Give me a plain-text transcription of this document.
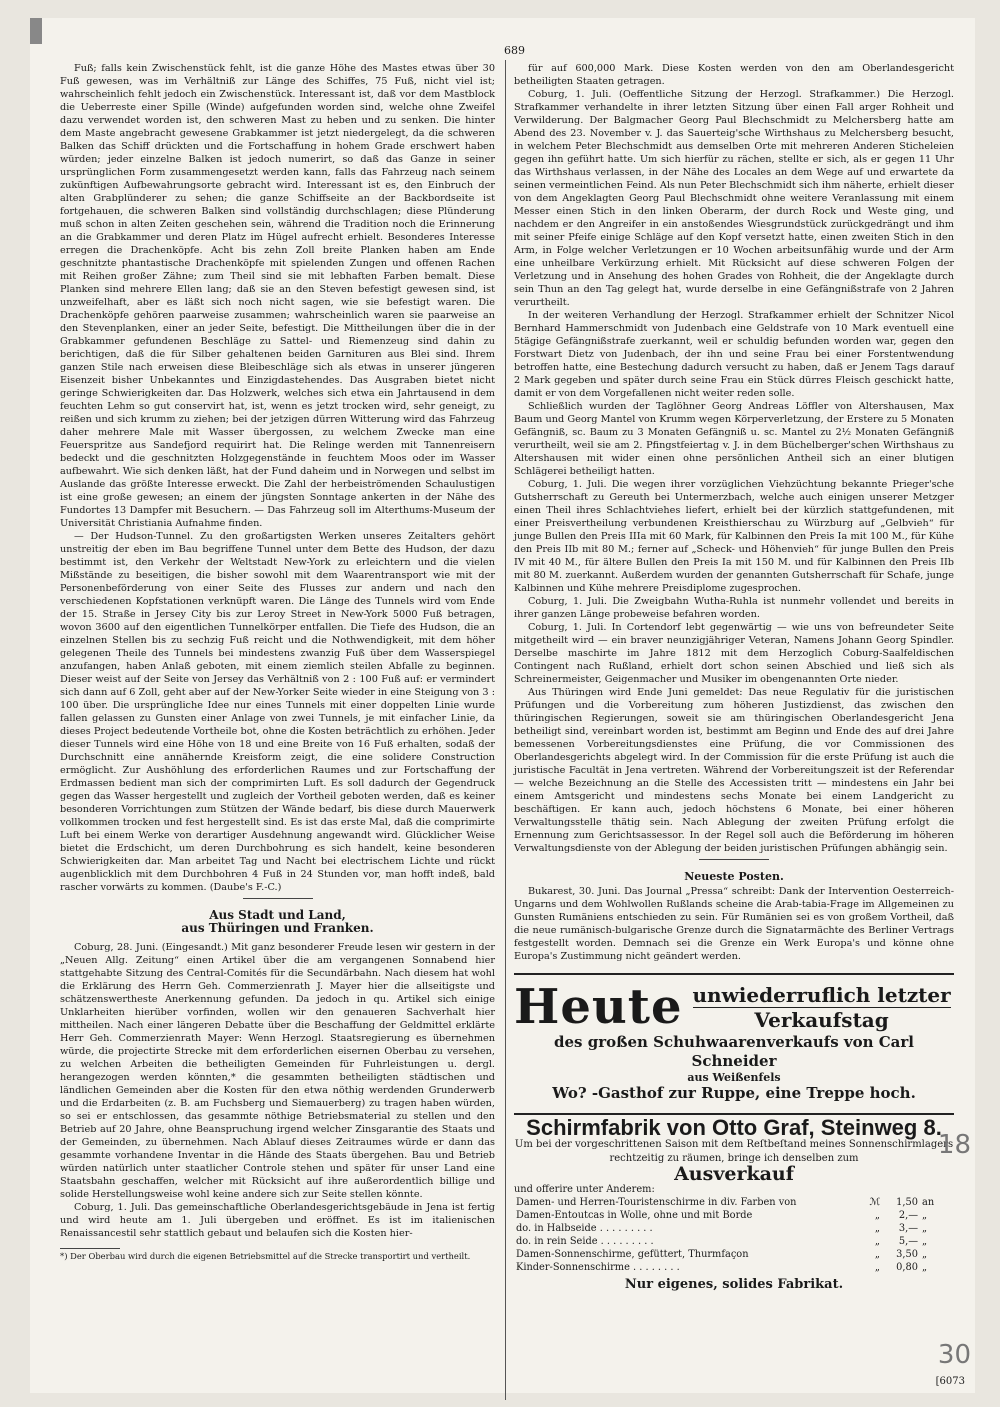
689

Fuß; falls kein Zwischenstück fehlt, ist die ganze Höhe des Mastes etwas über 30 Fuß gewesen, was im Verhältniß zur Länge des Schiffes, 75 Fuß, nicht viel ist; wahrscheinlich fehlt jedoch ein Zwischenstück. Interessant ist, daß vor dem Mastblock die Ueberreste einer Spille (Winde) aufgefunden worden sind, welche ohne Zweifel dazu verwendet worden ist, den schweren Mast zu heben und zu senken. Die hinter dem Maste angebracht gewesene Grabkammer ist jetzt niedergelegt, da die schweren Balken das Schiff drückten und die Fortschaffung in hohem Grade erschwert haben würden; jeder einzelne Balken ist jedoch numerirt, so daß das Ganze in seiner ursprünglichen Form zusammengesetzt werden kann, falls das Fahrzeug nach seinem zukünftigen Aufbewahrungsorte gebracht wird. Interessant ist es, den Einbruch der alten Grabplünderer zu sehen; die ganze Schiffseite an der Backbordseite ist fortgehauen, die schweren Balken sind vollständig durchschlagen; diese Plünderung muß schon in alten Zeiten geschehen sein, während die Tradition noch die Erinnerung an die Grabkammer und deren Platz im Hügel aufrecht erhielt. Besonderes Interesse erregen die Drachenköpfe. Acht bis zehn Zoll breite Planken haben am Ende geschnitzte phantastische Drachenköpfe mit spielenden Zungen und offenen Rachen mit Reihen großer Zähne; zum Theil sind sie mit lebhaften Farben bemalt. Diese Planken sind mehrere Ellen lang; daß sie an den Steven befestigt gewesen sind, ist unzweifelhaft, aber es läßt sich noch nicht sagen, wie sie befestigt waren. Die Drachenköpfe gehören paarweise zusammen; wahrscheinlich waren sie paarweise an den Stevenplanken, einer an jeder Seite, befestigt. Die Mittheilungen über die in der Grabkammer gefundenen Beschläge zu Sattel- und Riemenzeug sind dahin zu berichtigen, daß die für Silber gehaltenen beiden Garnituren aus Blei sind. Ihrem ganzen Stile nach erweisen diese Bleibeschläge sich als etwas in unserer jüngeren Eisenzeit bisher Unbekanntes und Einzigdastehendes. Das Ausgraben bietet nicht geringe Schwierigkeiten dar. Das Holzwerk, welches sich etwa ein Jahrtausend in dem feuchten Lehm so gut conservirt hat, ist, wenn es jetzt trocken wird, sehr geneigt, zu reißen und sich krumm zu ziehen; bei der jetzigen dürren Witterung wird das Fahrzeug daher mehrere Male mit Wasser übergossen, zu welchem Zwecke man eine Feuerspritze aus Sandefjord requirirt hat. Die Relinge werden mit Tannenreisern bedeckt und die geschnitzten Holzgegenstände in feuchtem Moos oder im Wasser aufbewahrt. Wie sich denken läßt, hat der Fund daheim und in Norwegen und selbst im Auslande das größte Interesse erweckt. Die Zahl der herbeiströmenden Schaulustigen ist eine große gewesen; an einem der jüngsten Sonntage ankerten in der Nähe des Fundortes 13 Dampfer mit Besuchern. — Das Fahrzeug soll im Alterthums-Museum der Universität Christiania Aufnahme finden.

— Der Hudson-Tunnel. Zu den großartigsten Werken unseres Zeitalters gehört unstreitig der eben im Bau begriffene Tunnel unter dem Bette des Hudson, der dazu bestimmt ist, den Verkehr der Weltstadt New-York zu erleichtern und die vielen Mißstände zu beseitigen, die bisher sowohl mit dem Waarentransport wie mit der Personenbeförderung von einer Seite des Flusses zur andern und nach den verschiedenen Kopfstationen verknüpft waren. Die Länge des Tunnels wird vom Ende der 15. Straße in Jersey City bis zur Leroy Street in New-York 5000 Fuß betragen, wovon 3600 auf den eigentlichen Tunnelkörper entfallen. Die Tiefe des Hudson, die an einzelnen Stellen bis zu sechzig Fuß reicht und die Nothwendigkeit, mit dem höher gelegenen Theile des Tunnels bei mindestens zwanzig Fuß über dem Wasserspiegel anzufangen, haben Anlaß geboten, mit einem ziemlich steilen Abfalle zu beginnen. Dieser weist auf der Seite von Jersey das Verhältniß von 2 : 100 Fuß auf: er vermindert sich dann auf 6 Zoll, geht aber auf der New-Yorker Seite wieder in eine Steigung von 3 : 100 über. Die ursprüngliche Idee nur eines Tunnels mit einer doppelten Linie wurde fallen gelassen zu Gunsten einer Anlage von zwei Tunnels, je mit einfacher Linie, da dieses Project bedeutende Vortheile bot, ohne die Kosten beträchtlich zu erhöhen. Jeder dieser Tunnels wird eine Höhe von 18 und eine Breite von 16 Fuß erhalten, sodaß der Durchschnitt eine annähernde Kreisform zeigt, die eine solidere Construction ermöglicht. Zur Aushöhlung des erforderlichen Raumes und zur Fortschaffung der Erdmassen bedient man sich der comprimirten Luft. Es soll dadurch der Gegendruck gegen das Wasser hergestellt und zugleich der Vortheil geboten werden, daß es keiner besonderen Vorrichtungen zum Stützen der Wände bedarf, bis diese durch Mauerwerk vollkommen trocken und fest hergestellt sind. Es ist das erste Mal, daß die comprimirte Luft bei einem Werke von derartiger Ausdehnung angewandt wird. Glücklicher Weise bietet die Erdschicht, um deren Durchbohrung es sich handelt, keine besonderen Schwierigkeiten dar. Man arbeitet Tag und Nacht bei electrischem Lichte und rückt augenblicklich mit dem Durchbohren 4 Fuß in 24 Stunden vor, man hofft indeß, bald rascher vorwärts zu kommen. (Daube's F.-C.)

Aus Stadt und Land,
aus Thüringen und Franken.

Coburg, 28. Juni. (Eingesandt.) Mit ganz besonderer Freude lesen wir gestern in der „Neuen Allg. Zeitung“ einen Artikel über die am vergangenen Sonnabend hier stattgehabte Sitzung des Central-Comités für die Secundärbahn. Nach diesem hat wohl die Erklärung des Herrn Geh. Commerzienrath J. Mayer hier die allseitigste und schätzenswertheste Anerkennung gefunden. Da jedoch in qu. Artikel sich einige Unklarheiten hierüber vorfinden, wollen wir den genaueren Sachverhalt hier mittheilen. Nach einer längeren Debatte über die Beschaffung der Geldmittel erklärte Herr Geh. Commerzienrath Mayer: Wenn Herzogl. Staatsregierung es übernehmen würde, die projectirte Strecke mit dem erforderlichen eisernen Oberbau zu versehen, zu welchen Arbeiten die betheiligten Gemeinden für Fuhrleistungen u. dergl. herangezogen werden könnten,* die gesammten betheiligten städtischen und ländlichen Gemeinden aber die Kosten für den etwa nöthig werdenden Grunderwerb und die Erdarbeiten (z. B. am Fuchsberg und Siemauerberg) zu tragen haben würden, so sei er entschlossen, das gesammte nöthige Betriebsmaterial zu stellen und den Betrieb auf 20 Jahre, ohne Beanspruchung irgend welcher Zinsgarantie des Staats und der Gemeinden, zu übernehmen. Nach Ablauf dieses Zeitraumes würde er dann das gesammte vorhandene Inventar in die Hände des Staats übergehen. Bau und Betrieb würden natürlich unter staatlicher Controle stehen und später für unser Land eine Staatsbahn geschaffen, welcher mit Rücksicht auf ihre außerordentlich billige und solide Herstellungsweise wohl keine andere sich zur Seite stellen könnte.

Coburg, 1. Juli. Das gemeinschaftliche Oberlandesgerichtsgebäude in Jena ist fertig und wird heute am 1. Juli übergeben und eröffnet. Es ist im italienischen Renaissancestil sehr stattlich gebaut und belaufen sich die Kosten hier-

*) Der Oberbau wird durch die eigenen Betriebsmittel auf die Strecke transportirt und vertheilt.

für auf 600,000 Mark. Diese Kosten werden von den am Oberlandesgericht betheiligten Staaten getragen.

Coburg, 1. Juli. (Oeffentliche Sitzung der Herzogl. Strafkammer.) Die Herzogl. Strafkammer verhandelte in ihrer letzten Sitzung über einen Fall arger Rohheit und Verwilderung. Der Balgmacher Georg Paul Blechschmidt zu Melchersberg hatte am Abend des 23. November v. J. das Sauerteig'sche Wirthshaus zu Melchersberg besucht, in welchem Peter Blechschmidt aus demselben Orte mit mehreren Anderen Sticheleien gegen ihn geführt hatte. Um sich hierfür zu rächen, stellte er sich, als er gegen 11 Uhr das Wirthshaus verlassen, in der Nähe des Locales an dem Wege auf und erwartete da seinen vermeintlichen Feind. Als nun Peter Blechschmidt sich ihm näherte, erhielt dieser von dem Angeklagten Georg Paul Blechschmidt ohne weitere Veranlassung mit einem Messer einen Stich in den linken Oberarm, der durch Rock und Weste ging, und nachdem er den Angreifer in ein anstoßendes Wiesgrundstück zurückgedrängt und ihm mit seiner Pfeife einige Schläge auf den Kopf versetzt hatte, einen zweiten Stich in den Arm, in Folge welcher Verletzungen er 10 Wochen arbeitsunfähig wurde und der Arm eine unheilbare Verkürzung erhielt. Mit Rücksicht auf diese schweren Folgen der Verletzung und in Ansehung des hohen Grades von Rohheit, die der Angeklagte durch sein Thun an den Tag gelegt hat, wurde derselbe in eine Gefängnißstrafe von 2 Jahren verurtheilt.

In der weiteren Verhandlung der Herzogl. Strafkammer erhielt der Schnitzer Nicol Bernhard Hammerschmidt von Judenbach eine Geldstrafe von 10 Mark eventuell eine 5tägige Gefängnißstrafe zuerkannt, weil er schuldig befunden worden war, gegen den Forstwart Dietz von Judenbach, der ihn und seine Frau bei einer Forstentwendung betroffen hatte, eine Bestechung dadurch versucht zu haben, daß er Jenem Tags darauf 2 Mark gegeben und später durch seine Frau ein Stück dürres Fleisch geschickt hatte, damit er von dem Vorgefallenen nicht weiter reden solle.

Schließlich wurden der Taglöhner Georg Andreas Löffler von Altershausen, Max Baum und Georg Mantel von Krumm wegen Körperverletzung, der Erstere zu 5 Monaten Gefängniß, sc. Baum zu 3 Monaten Gefängniß u. sc. Mantel zu 2½ Monaten Gefängniß verurtheilt, weil sie am 2. Pfingstfeiertag v. J. in dem Büchelberger'schen Wirthshaus zu Altershausen mit wider einen ohne persönlichen Antheil sich an einer blutigen Schlägerei betheiligt hatten.

Coburg, 1. Juli. Die wegen ihrer vorzüglichen Viehzüchtung bekannte Prieger'sche Gutsherrschaft zu Gereuth bei Untermerzbach, welche auch einigen unserer Metzger einen Theil ihres Schlachtviehes liefert, erhielt bei der kürzlich stattgefundenen, mit einer Preisvertheilung verbundenen Kreisthierschau zu Würzburg auf „Gelbvieh“ für junge Bullen den Preis IIIa mit 60 Mark, für Kalbinnen den Preis Ia mit 100 M., für Kühe den Preis IIb mit 80 M.; ferner auf „Scheck- und Höhenvieh“ für junge Bullen den Preis IV mit 40 M., für ältere Bullen den Preis Ia mit 150 M. und für Kalbinnen den Preis IIb mit 80 M. zuerkannt. Außerdem wurden der genannten Gutsherrschaft für Schafe, junge Kalbinnen und Kühe mehrere Preisdiplome zugesprochen.

Coburg, 1. Juli. Die Zweigbahn Wutha-Ruhla ist nunmehr vollendet und bereits in ihrer ganzen Länge probeweise befahren worden.

Coburg, 1. Juli. In Cortendorf lebt gegenwärtig — wie uns von befreundeter Seite mitgetheilt wird — ein braver neunzigjähriger Veteran, Namens Johann Georg Spindler. Derselbe maschirte im Jahre 1812 mit dem Herzoglich Coburg-Saalfeldischen Contingent nach Rußland, erhielt dort schon seinen Abschied und ließ sich als Schreinermeister, Geigenmacher und Musiker im obengenannten Orte nieder.

Aus Thüringen wird Ende Juni gemeldet: Das neue Regulativ für die juristischen Prüfungen und die Vorbereitung zum höheren Justizdienst, das zwischen den thüringischen Regierungen, soweit sie am thüringischen Oberlandesgericht Jena betheiligt sind, vereinbart worden ist, bestimmt am Beginn und Ende des auf drei Jahre bemessenen Vorbereitungsdienstes eine Prüfung, die vor Commissionen des Oberlandesgerichts abgelegt wird. In der Commission für die erste Prüfung ist auch die juristische Facultät in Jena vertreten. Während der Vorbereitungszeit ist der Referendar — welche Bezeichnung an die Stelle des Accessisten tritt — mindestens ein Jahr bei einem Amtsgericht und mindestens sechs Monate bei einem Landgericht zu beschäftigen. Er kann auch, jedoch höchstens 6 Monate, bei einer höheren Verwaltungsstelle thätig sein. Nach Ablegung der zweiten Prüfung erfolgt die Ernennung zum Gerichtsassessor. In der Regel soll auch die Beförderung im höheren Verwaltungsdienste von der Ablegung der beiden juristischen Prüfungen abhängig sein.

Neueste Posten.

Bukarest, 30. Juni. Das Journal „Pressa“ schreibt: Dank der Intervention Oesterreich-Ungarns und dem Wohlwollen Rußlands scheine die Arab-tabia-Frage im Allgemeinen zu Gunsten Rumäniens entschieden zu sein. Für Rumänien sei es von großem Vortheil, daß die neue rumänisch-bulgarische Grenze durch die Signatarmächte des Berliner Vertrags festgestellt worden. Demnach sei die Grenze ein Werk Europa's und könne ohne Europa's Zustimmung nicht geändert werden.

Heute unwiederruflich letzter
Verkaufstag
des großen Schuhwaarenverkaufs von Carl Schneider
aus Weißenfels
Wo? -Gasthof zur Ruppe, eine Treppe hoch.
Schirmfabrik von Otto Graf, Steinweg 8.
Um bei der vorgeschrittenen Saison mit dem Reſtbeſtand meines Sonnenschirmlagers rechtzeitig zu räumen, bringe ich denselben zum
Ausverkauf
und offerire unter Anderem:
Damen- und Herren-Touristenschirme in div. Farben von	ℳ	1,50	an
Damen-Entoutcas in Wolle, ohne und mit Borde	„	2,—	„
do. in Halbseide . . . . . . . . .	„	3,—	„
do. in rein Seide . . . . . . . . .	„	5,—	„
Damen-Sonnenschirme, gefüttert, Thurmfaçon	„	3,50	„
Kinder-Sonnenschirme . . . . . . . .	„	0,80	„
Nur eigenes, solides Fabrikat.
[6073
18
30
